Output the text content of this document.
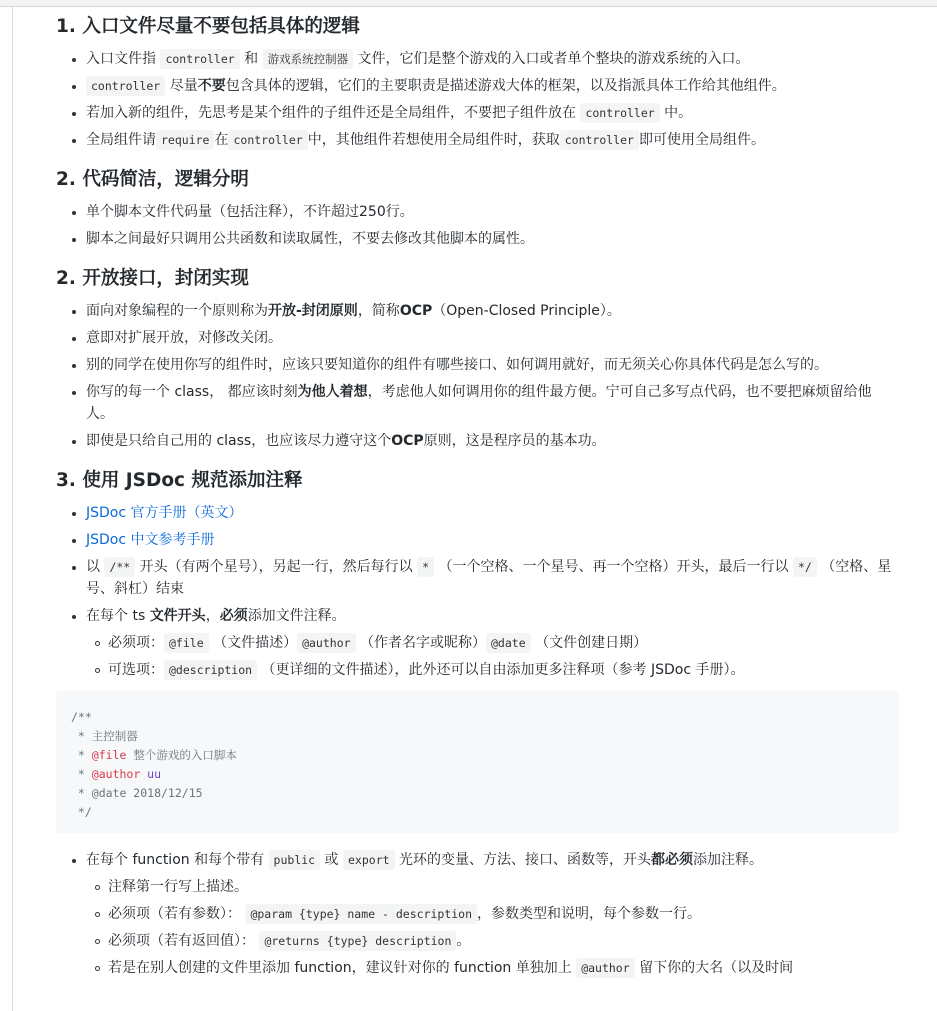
1. 入口文件尽量不要包括具体的逻辑
入口文件指 controller 和 游戏系统控制器 文件，它们是整个游戏的入口或者单个整块的游戏系统的入口。
controller 尽量不要包含具体的逻辑，它们的主要职责是描述游戏大体的框架，以及指派具体工作给其他组件。
若加入新的组件，先思考是某个组件的子组件还是全局组件，不要把子组件放在 controller 中。
全局组件请 require 在 controller 中，其他组件若想使用全局组件时，获取 controller 即可使用全局组件。
2. 代码简洁，逻辑分明
单个脚本文件代码量（包括注释），不许超过250行。
脚本之间最好只调用公共函数和读取属性，不要去修改其他脚本的属性。
2. 开放接口，封闭实现
面向对象编程的一个原则称为开放-封闭原则，简称OCP（Open-Closed Principle）。
意即对扩展开放，对修改关闭。
别的同学在使用你写的组件时，应该只要知道你的组件有哪些接口、如何调用就好，而无须关心你具体代码是怎么写的。
你写的每一个 class， 都应该时刻为他人着想，考虑他人如何调用你的组件最方便。宁可自己多写点代码，也不要把麻烦留给他人。
即使是只给自己用的 class，也应该尽力遵守这个OCP原则，这是程序员的基本功。
3. 使用 JSDoc 规范添加注释
JSDoc 官方手册（英文）
JSDoc 中文参考手册
以 /** 开头（有两个星号），另起一行，然后每行以 * （一个空格、一个星号、再一个空格）开头，最后一行以 */ （空格、星号、斜杠）结束
在每个 ts 文件开头，必须添加文件注释。
必须项： @file （文件描述） @author （作者名字或昵称） @date （文件创建日期）
可选项： @description （更详细的文件描述），此外还可以自由添加更多注释项（参考 JSDoc 手册）。
/**
* 主控制器
* @file 整个游戏的入口脚本
* @author uu
* @date 2018/12/15
*/
在每个 function 和每个带有 public 或 export 光环的变量、方法、接口、函数等，开头都必须添加注释。
注释第一行写上描述。
必须项（若有参数）： @param {type} name - description ，参数类型和说明，每个参数一行。
必须项（若有返回值）： @returns {type} description 。
若是在别人创建的文件里添加 function，建议针对你的 function 单独加上 @author 留下你的大名（以及时间
